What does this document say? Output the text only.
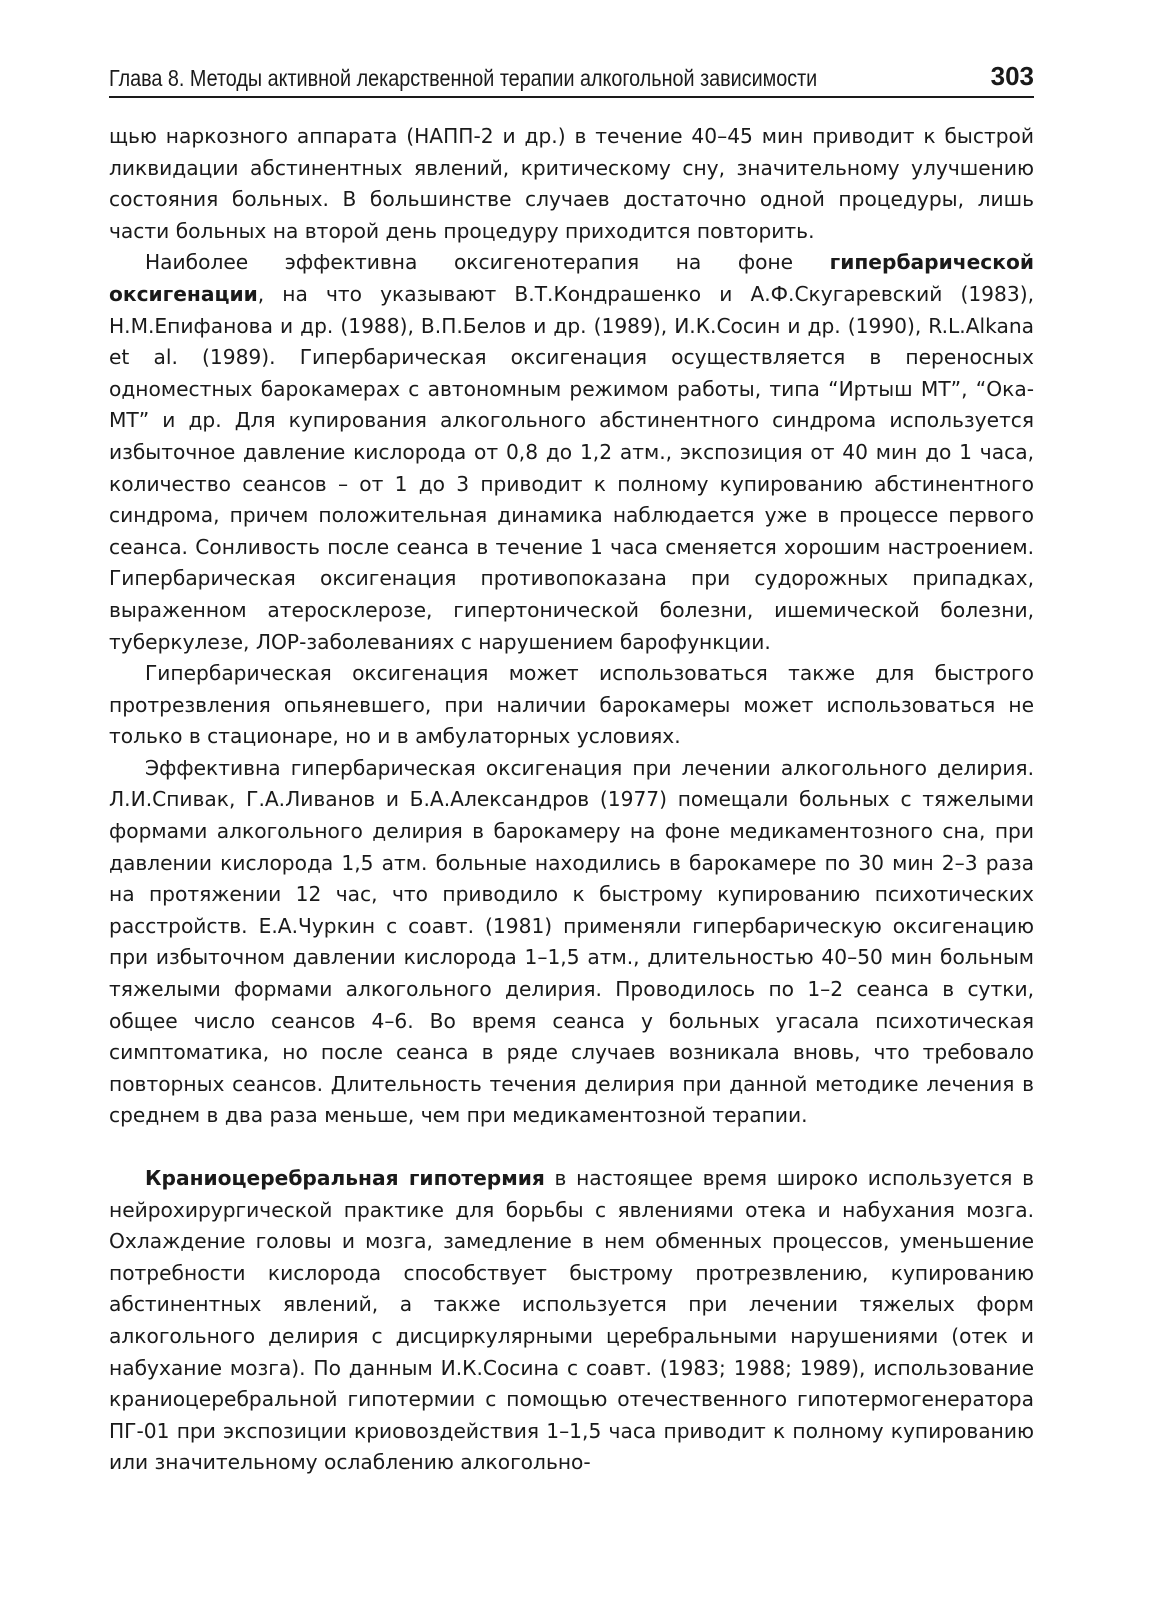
Глава 8. Методы активной лекарственной терапии алкогольной зависимости	303

щью наркозного аппарата (НАПП-2 и др.) в течение 40–45 мин приводит к быстрой ликвидации абстинентных явлений, критическому сну, значительному улучшению состояния больных. В большинстве случаев достаточно одной процедуры, лишь части больных на второй день процедуру приходится повторить.

Наиболее эффективна оксигенотерапия на фоне гипербарической оксигенации, на что указывают В.Т.Кондрашенко и А.Ф.Скугаревский (1983), Н.М.Епифанова и др. (1988), В.П.Белов и др. (1989), И.К.Сосин и др. (1990), R.L.Alkana et al. (1989). Гипербарическая оксигенация осуществляется в переносных одноместных барокамерах с автономным режимом работы, типа “Иртыш МТ”, “Ока-МТ” и др. Для купирования алкогольного абстинентного синдрома используется избыточное давление кислорода от 0,8 до 1,2 атм., экспозиция от 40 мин до 1 часа, количество сеансов – от 1 до 3 приводит к полному купированию абстинентного синдрома, причем положительная динамика наблюдается уже в процессе первого сеанса. Сонливость после сеанса в течение 1 часа сменяется хорошим настроением. Гипербарическая оксигенация противопоказана при судорожных припадках, выраженном атеросклерозе, гипертонической болезни, ишемической болезни, туберкулезе, ЛОР-заболеваниях с нарушением барофункции.

Гипербарическая оксигенация может использоваться также для быстрого протрезвления опьяневшего, при наличии барокамеры может использоваться не только в стационаре, но и в амбулаторных условиях.

Эффективна гипербарическая оксигенация при лечении алкогольного делирия. Л.И.Спивак, Г.А.Ливанов и Б.А.Александров (1977) помещали больных с тяжелыми формами алкогольного делирия в барокамеру на фоне медикаментозного сна, при давлении кислорода 1,5 атм. больные находились в барокамере по 30 мин 2–3 раза на протяжении 12 час, что приводило к быстрому купированию психотических расстройств. Е.А.Чуркин с соавт. (1981) применяли гипербарическую оксигенацию при избыточном давлении кислорода 1–1,5 атм., длительностью 40–50 мин больным тяжелыми формами алкогольного делирия. Проводилось по 1–2 сеанса в сутки, общее число сеансов 4–6. Во время сеанса у больных угасала психотическая симптоматика, но после сеанса в ряде случаев возникала вновь, что требовало повторных сеансов. Длительность течения делирия при данной методике лечения в среднем в два раза меньше, чем при медикаментозной терапии.

Краниоцеребральная гипотермия в настоящее время широко используется в нейрохирургической практике для борьбы с явлениями отека и набухания мозга. Охлаждение головы и мозга, замедление в нем обменных процессов, уменьшение потребности кислорода способствует быстрому протрезвлению, купированию абстинентных явлений, а также используется при лечении тяжелых форм алкогольного делирия с дисциркулярными церебральными нарушениями (отек и набухание мозга). По данным И.К.Сосина с соавт. (1983; 1988; 1989), использование краниоцеребральной гипотермии с помощью отечественного гипотермогенератора ПГ-01 при экспозиции криовоздействия 1–1,5 часа приводит к полному купированию или значительному ослаблению алкогольно-
